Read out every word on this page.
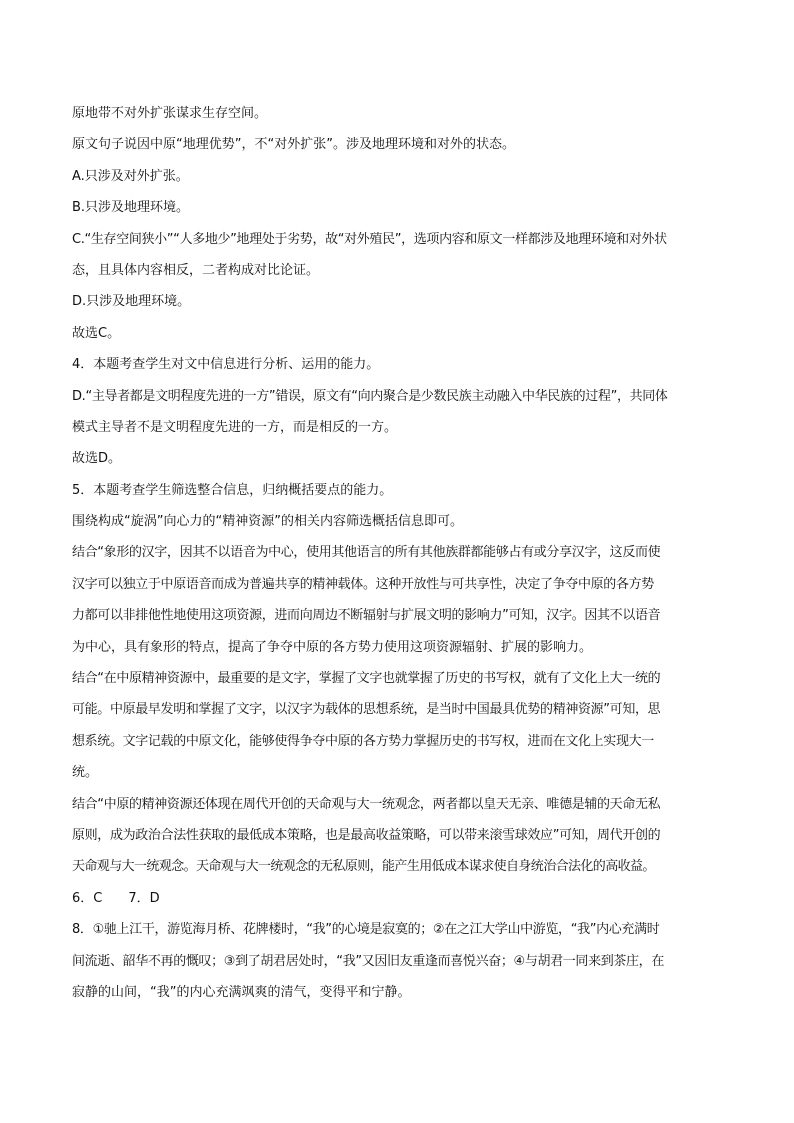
原地带不对外扩张谋求生存空间。
原文句子说因中原“地理优势”，不“对外扩张”。涉及地理环境和对外的状态。
A.只涉及对外扩张。
B.只涉及地理环境。
C.“生存空间狭小”“人多地少”地理处于劣势，故“对外殖民”，选项内容和原文一样都涉及地理环境和对外状
态，且具体内容相反，二者构成对比论证。
D.只涉及地理环境。
故选C。
4．本题考查学生对文中信息进行分析、运用的能力。
D.“主导者都是文明程度先进的一方”错误，原文有“向内聚合是少数民族主动融入中华民族的过程”，共同体
模式主导者不是文明程度先进的一方，而是相反的一方。
故选D。
5．本题考查学生筛选整合信息，归纳概括要点的能力。
围绕构成“旋涡”向心力的“精神资源”的相关内容筛选概括信息即可。
结合“象形的汉字，因其不以语音为中心，使用其他语言的所有其他族群都能够占有或分享汉字，这反而使
汉字可以独立于中原语音而成为普遍共享的精神载体。这种开放性与可共享性，决定了争夺中原的各方势
力都可以非排他性地使用这项资源，进而向周边不断辐射与扩展文明的影响力”可知，汉字。因其不以语音
为中心，具有象形的特点，提高了争夺中原的各方势力使用这项资源辐射、扩展的影响力。
结合“在中原精神资源中，最重要的是文字，掌握了文字也就掌握了历史的书写权，就有了文化上大一统的
可能。中原最早发明和掌握了文字，以汉字为载体的思想系统，是当时中国最具优势的精神资源”可知，思
想系统。文字记载的中原文化，能够使得争夺中原的各方势力掌握历史的书写权，进而在文化上实现大一
统。
结合“中原的精神资源还体现在周代开创的天命观与大一统观念，两者都以皇天无亲、唯德是辅的天命无私
原则，成为政治合法性获取的最低成本策略，也是最高收益策略，可以带来滚雪球效应”可知，周代开创的
天命观与大一统观念。天命观与大一统观念的无私原则，能产生用低成本谋求使自身统治合法化的高收益。
6．C　　7．D
8．①驰上江干，游览海月桥、花牌楼时，“我”的心境是寂寞的；②在之江大学山中游览，“我”内心充满时
间流逝、韶华不再的慨叹；③到了胡君居处时，“我”又因旧友重逢而喜悦兴奋；④与胡君一同来到茶庄，在
寂静的山间，“我”的内心充满飒爽的清气，变得平和宁静。
